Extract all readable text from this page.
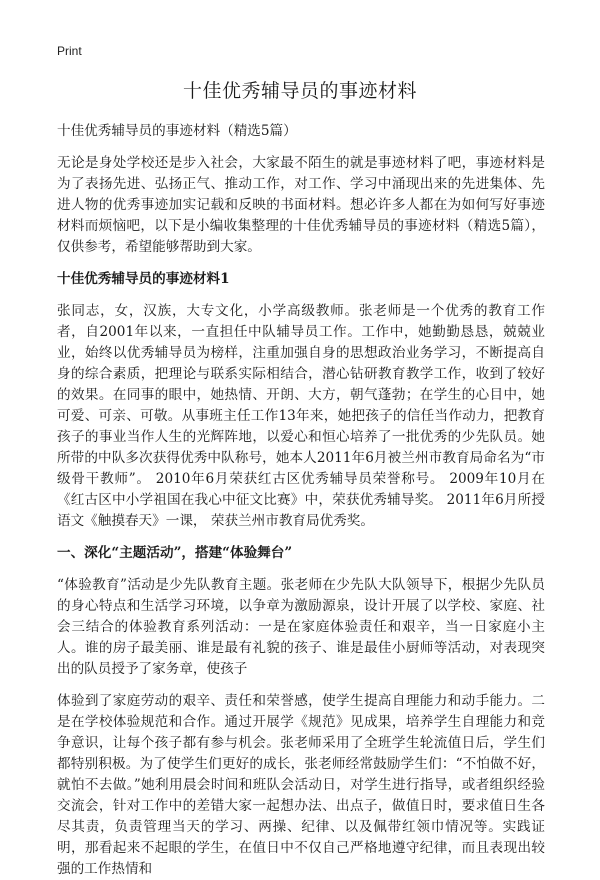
Print
十佳优秀辅导员的事迹材料

十佳优秀辅导员的事迹材料（精选5篇）

无论是身处学校还是步入社会，大家最不陌生的就是事迹材料了吧，事迹材料是为了表扬先进、弘扬正气、推动工作，对工作、学习中涌现出来的先进集体、先进人物的优秀事迹加实记载和反映的书面材料。想必许多人都在为如何写好事迹材料而烦恼吧，以下是小编收集整理的十佳优秀辅导员的事迹材料（精选5篇），仅供参考，希望能够帮助到大家。

十佳优秀辅导员的事迹材料1

张同志，女，汉族，大专文化，小学高级教师。张老师是一个优秀的教育工作者，自2001年以来，一直担任中队辅导员工作。工作中，她勤勤恳恳，兢兢业业，始终以优秀辅导员为榜样，注重加强自身的思想政治业务学习，不断提高自身的综合素质，把理论与联系实际相结合，潜心钻研教育教学工作，收到了较好的效果。在同事的眼中，她热情、开朗、大方，朝气蓬勃；在学生的心目中，她可爱、可亲、可敬。从事班主任工作13年来，她把孩子的信任当作动力，把教育孩子的事业当作人生的光辉阵地，以爱心和恒心培养了一批优秀的少先队员。她所带的中队多次获得优秀中队称号，她本人2011年6月被兰州市教育局命名为“市级骨干教师”。 2010年6月荣获红古区优秀辅导员荣誉称号。 2009年10月在《红古区中小学祖国在我心中征文比赛》中，荣获优秀辅导奖。 2011年6月所授语文《触摸春天》一课， 荣获兰州市教育局优秀奖。

一、深化“主题活动”，搭建“体验舞台”

“体验教育”活动是少先队教育主题。张老师在少先队大队领导下，根据少先队员的身心特点和生活学习环境，以争章为激励源泉，设计开展了以学校、家庭、社会三结合的体验教育系列活动：一是在家庭体验责任和艰辛，当一日家庭小主人。谁的房子最美丽、谁是最有礼貌的孩子、谁是最佳小厨师等活动，对表现突出的队员授予了家务章，使孩子

体验到了家庭劳动的艰辛、责任和荣誉感，使学生提高自理能力和动手能力。二是在学校体验规范和合作。通过开展学《规范》见成果，培养学生自理能力和竞争意识，让每个孩子都有参与机会。张老师采用了全班学生轮流值日后，学生们都特别积极。为了使学生们更好的成长，张老师经常鼓励学生们：“不怕做不好，就怕不去做。”她利用晨会时间和班队会活动日，对学生进行指导，或者组织经验交流会，针对工作中的差错大家一起想办法、出点子，做值日时，要求值日生各尽其责，负责管理当天的学习、两操、纪律、以及佩带红领巾情况等。实践证明，那看起来不起眼的学生，在值日中不仅自己严格地遵守纪律，而且表现出较强的工作热情和
